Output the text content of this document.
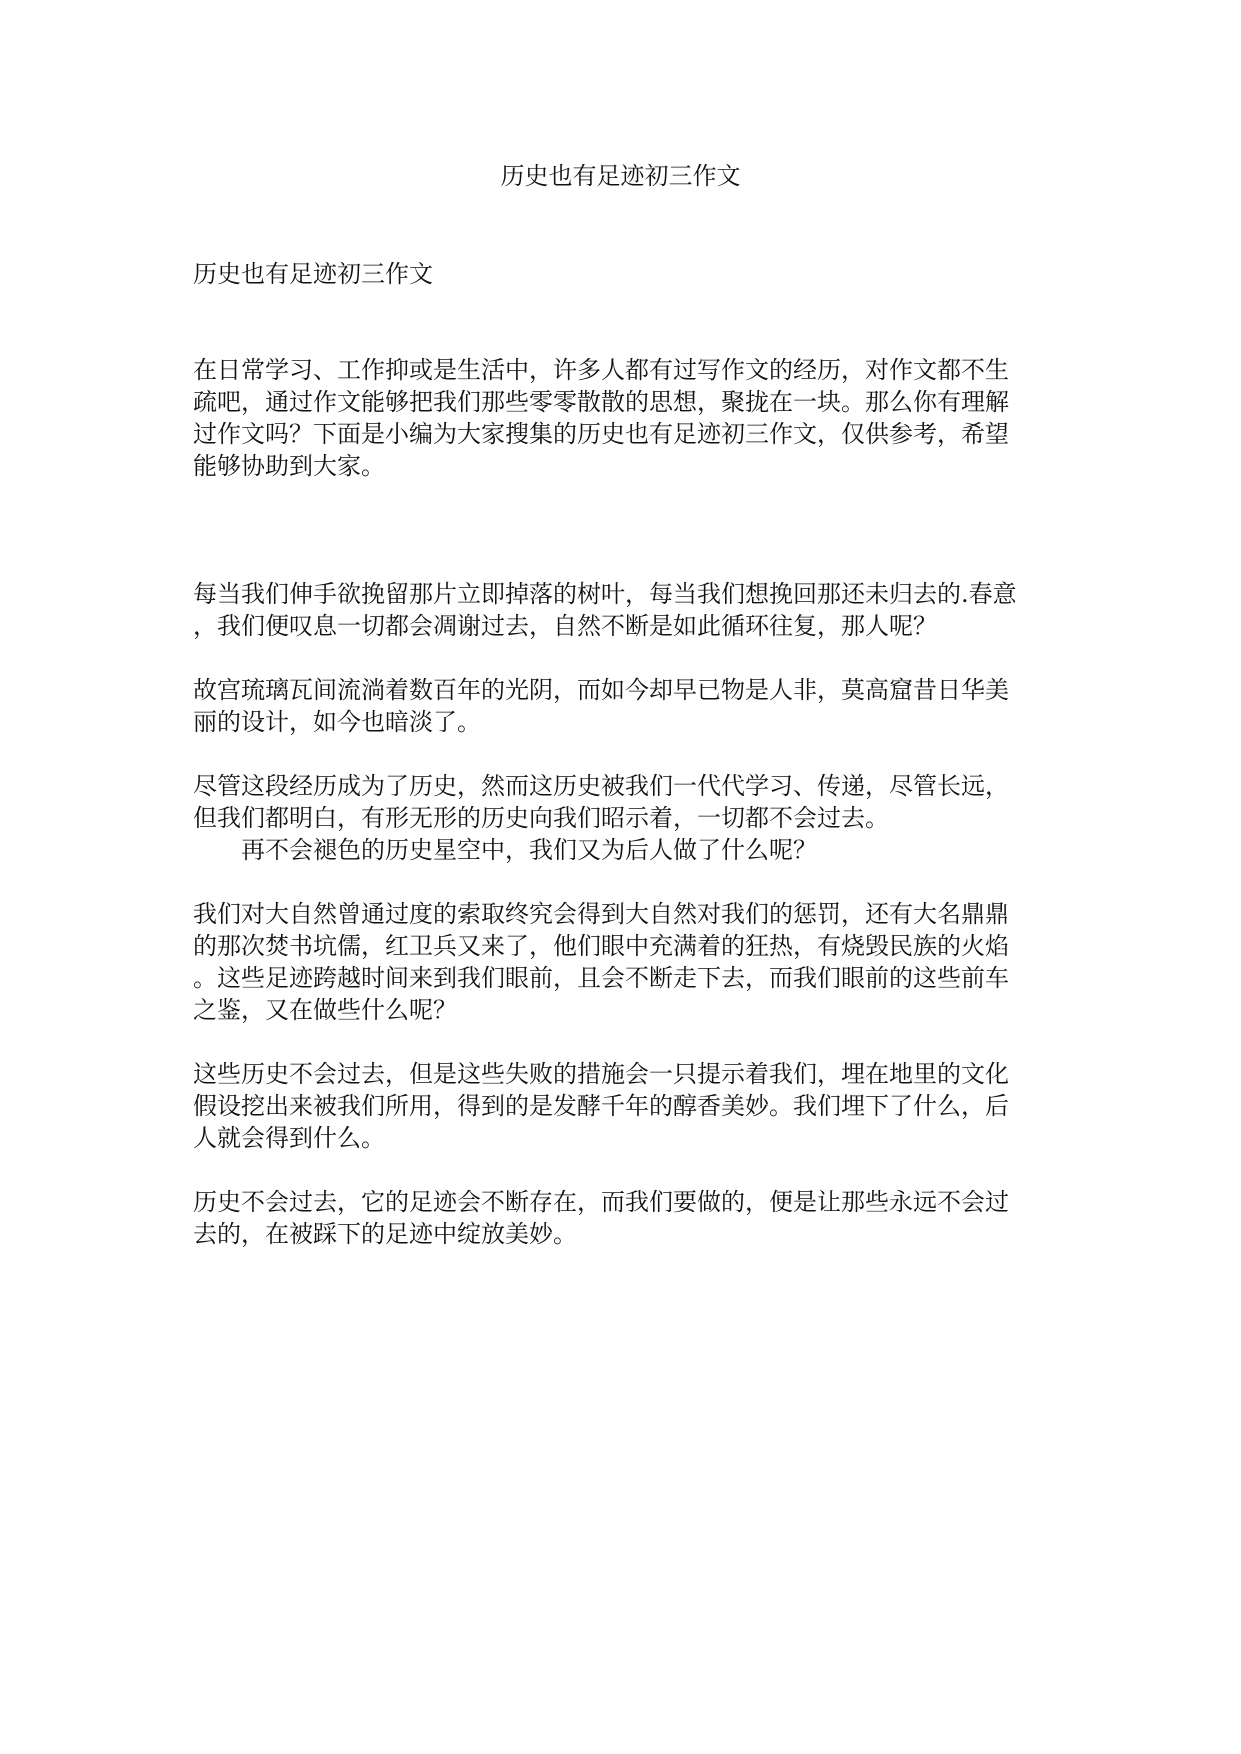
历史也有足迹初三作文

历史也有足迹初三作文

在日常学习、工作抑或是生活中，许多人都有过写作文的经历，对作文都不生
疏吧，通过作文能够把我们那些零零散散的思想，聚拢在一块。那么你有理解
过作文吗？下面是小编为大家搜集的历史也有足迹初三作文，仅供参考，希望
能够协助到大家。

每当我们伸手欲挽留那片立即掉落的树叶，每当我们想挽回那还未归去的.春意
，我们便叹息一切都会凋谢过去，自然不断是如此循环往复，那人呢？

故宫琉璃瓦间流淌着数百年的光阴，而如今却早已物是人非，莫高窟昔日华美
丽的设计，如今也暗淡了。

尽管这段经历成为了历史，然而这历史被我们一代代学习、传递，尽管长远，
但我们都明白，有形无形的历史向我们昭示着，一切都不会过去。

再不会褪色的历史星空中，我们又为后人做了什么呢？

我们对大自然曾通过度的索取终究会得到大自然对我们的惩罚，还有大名鼎鼎
的那次焚书坑儒，红卫兵又来了，他们眼中充满着的狂热，有烧毁民族的火焰
。这些足迹跨越时间来到我们眼前，且会不断走下去，而我们眼前的这些前车
之鉴，又在做些什么呢？

这些历史不会过去，但是这些失败的措施会一只提示着我们，埋在地里的文化
假设挖出来被我们所用，得到的是发酵千年的醇香美妙。我们埋下了什么，后
人就会得到什么。

历史不会过去，它的足迹会不断存在，而我们要做的，便是让那些永远不会过
去的，在被踩下的足迹中绽放美妙。
